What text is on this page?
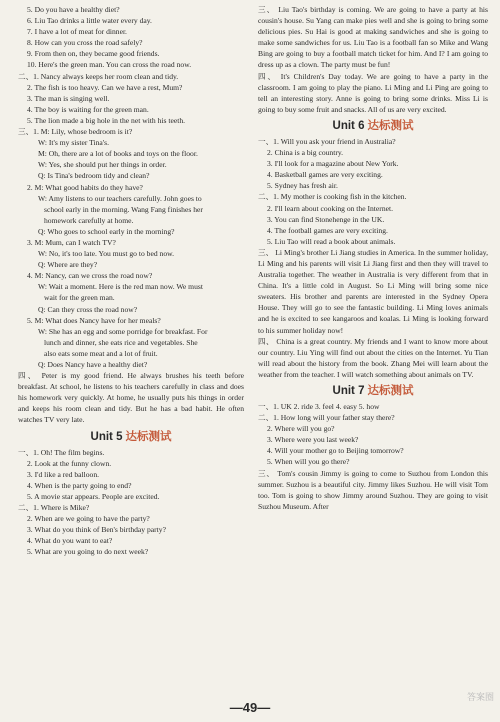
5. Do you have a healthy diet?
6. Liu Tao drinks a little water every day.
7. I have a lot of meat for dinner.
8. How can you cross the road safely?
9. From then on, they became good friends.
10. Here's the green man. You can cross the road now.
二、1. Nancy always keeps her room clean and tidy.
2. The fish is too heavy. Can we have a rest, Mum?
3. The man is singing well.
4. The boy is waiting for the green man.
5. The lion made a big hole in the net with his teeth.
三、1. M: Lily, whose bedroom is it?
W: It's my sister Tina's.
M: Oh, there are a lot of books and toys on the floor.
W: Yes, she should put her things in order.
Q: Is Tina's bedroom tidy and clean?
2. M: What good habits do they have?
W: Amy listens to our teachers carefully. John goes to
school early in the morning. Wang Fang finishes her
homework carefully at home.
Q: Who goes to school early in the morning?
3. M: Mum, can I watch TV?
W: No, it's too late. You must go to bed now.
Q: Where are they?
4. M: Nancy, can we cross the road now?
W: Wait a moment. Here is the red man now. We must
wait for the green man.
Q: Can they cross the road now?
5. M: What does Nancy have for her meals?
W: She has an egg and some porridge for breakfast. For
lunch and dinner, she eats rice and vegetables. She
also eats some meat and a lot of fruit.
Q: Does Nancy have a healthy diet?
四、 Peter is my good friend. He always brushes his teeth before breakfast. At school, he listens to his teachers carefully in class and does his homework very quickly. At home, he usually puts his things in order and keeps his room clean and tidy. But he has a bad habit. He often watches TV very late.
Unit 5 达标测试
一、1. Oh! The film begins.
2. Look at the funny clown.
3. I'd like a red balloon.
4. When is the party going to end?
5. A movie star appears. People are excited.
二、1. Where is Mike?
2. When are we going to have the party?
3. What do you think of Ben's birthday party?
4. What do you want to eat?
5. What are you going to do next week?
三、 Liu Tao's birthday is coming. We are going to have a party at his cousin's house. Su Yang can make pies well and she is going to bring some delicious pies. Su Hai is good at making sandwiches and she is going to make some sandwiches for us. Liu Tao is a football fan so Mike and Wang Bing are going to buy a football match ticket for him. And I? I am going to dress up as a clown. The party must be fun!
四、 It's Children's Day today. We are going to have a party in the classroom. I am going to play the piano. Li Ming and Li Ping are going to tell an interesting story. Anne is going to bring some drinks. Miss Li is going to buy some fruit and snacks. All of us are very excited.
Unit 6 达标测试
一、1. Will you ask your friend in Australia?
2. China is a big country.
3. I'll look for a magazine about New York.
4. Basketball games are very exciting.
5. Sydney has fresh air.
二、1. My mother is cooking fish in the kitchen.
2. I'll learn about cooking on the Internet.
3. You can find Stonehenge in the UK.
4. The football games are very exciting.
5. Liu Tao will read a book about animals.
三、 Li Ming's brother Li Jiang studies in America. In the summer holiday, Li Ming and his parents will visit Li Jiang first and then they will travel to Australia together. The weather in Australia is very different from that in China. It's a little cold in August. So Li Ming will bring some nice sweaters. His brother and parents are interested in the Sydney Opera House. They will go to see the fantastic building. Li Ming loves animals and he is excited to see kangaroos and koalas. Li Ming is looking forward to his summer holiday now!
四、 China is a great country. My friends and I want to know more about our country. Liu Ying will find out about the cities on the Internet. Yu Tian will read about the history from the book. Zhang Mei will learn about the weather from the teacher. I will watch something about animals on TV.
Unit 7 达标测试
一、1. UK 2. ride 3. feel 4. easy 5. how
二、1. How long will your father stay there?
2. Where will you go?
3. Where were you last week?
4. Will your mother go to Beijing tomorrow?
5. When will you go there?
三、 Tom's cousin Jimmy is going to come to Suzhou from London this summer. Suzhou is a beautiful city. Jimmy likes Suzhou. He will visit Tom too. Tom is going to show Jimmy around Suzhou. They are going to visit Suzhou Museum. After
—49—
答案圈
